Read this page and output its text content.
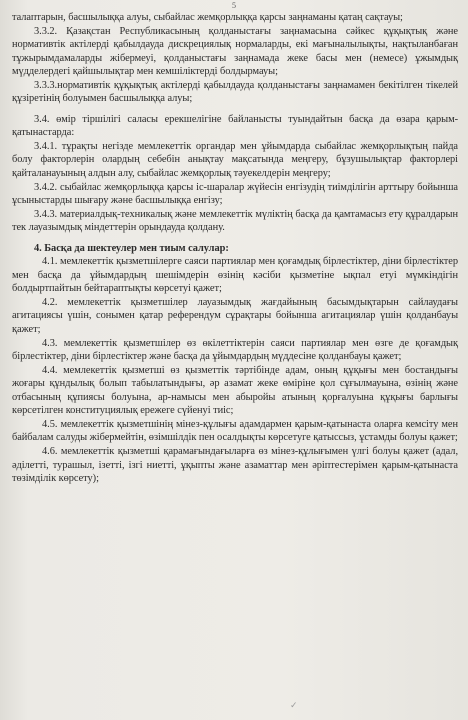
5

талаптарын, басшылыққа алуы, сыбайлас жемқорлыққа қарсы заңнаманы қатаң сақтауы;

3.3.2. Қазақстан Республикасының қолданыстағы заңнамасына сәйкес құқықтық және нормативтік актілерді қабылдауда дискрециялық нормаларды, екі мағыналылықты, нақтыланбаған тұжырымдамаларды жібермеуі, қолданыстағы заңнамада жеке басы мен (немесе) ұжымдық мүдделердегі қайшылықтар мен кемшіліктерді болдырмауы;

3.3.3.нормативтік құқықтық актілерді қабылдауда қолданыстағы заңнамамен бекітілген тікелей құзіретінің болуымен басшылыққа алуы;

3.4. өмір тіршілігі саласы ерекшелігіне байланысты туындайтын басқа да өзара қарым-қатынастарда:

3.4.1. тұрақты негізде мемлекеттік органдар мен ұйымдарда сыбайлас жемқорлықтың пайда болу факторлерін олардың себебін анықтау мақсатында меңгеру, бұзушылықтар факторлері қайталанауының алдын алу, сыбайлас жемқорлық тәуекелдерін меңгеру;

3.4.2. сыбайлас жемқорлыққа қарсы іс-шаралар жүйесін енгізудің тиімділігін арттыру бойынша ұсыныстарды шығару және басшылыққа енгізу;

3.4.3. материалдық-техникалық және мемлекеттік мүліктің басқа да қамтамасыз ету құралдарын тек лауазымдық міндеттерін орындауда қолдану.

4. Басқа да шектеулер мен тиым салулар:

4.1. мемлекеттік қызметшілерге саяси партиялар мен қоғамдық бірлестіктер, діни бірлестіктер мен басқа да ұйымдардың шешімдерін өзінің кәсіби қызметіне ықпал етуі мүмкіндігін болдыртпайтын бейтараптықты көрсетуі қажет;

4.2. мемлекеттік қызметшілер лауазымдық жағдайының басымдықтарын сайлаудағы агитациясы үшін, сонымен қатар референдум сұрақтары бойынша агитациялар үшін қолданбауы қажет;

4.3. мемлекеттік қызметшілер өз өкілеттіктерін саяси партиялар мен өзге де қоғамдық бірлестіктер, діни бірлестіктер және басқа да ұйымдардың мүддесіне қолданбауы қажет;

4.4. мемлекеттік қызметші өз қызметтік тәртібінде адам, оның құқығы мен бостандығы жоғары құндылық болып табылатындығы, әр азамат жеке өміріне қол сұғылмауына, өзінің және отбасының құпиясы болуына, ар-намысы мен абыройы атының қорғалуына құқығы барлығы көрсетілген конституциялық ережеге сүйенуі тиіс;

4.5. мемлекеттік қызметшінің мінез-құлығы адамдармен қарым-қатынаста оларға кемсіту мен байбалам салуды жібермейтін, өзімшілдік пен осалдықты көрсетуге қатыссыз, ұстамды болуы қажет;

4.6. мемлекеттік қызметші қарамағындағыларға өз мінез-құлығымен үлгі болуы қажет (адал, әділетті, турашыл, ізетті, ізгі ниетті, ұқыпты және азаматтар мен әріптестерімен қарым-қатынаста төзімділік көрсету);

✓
